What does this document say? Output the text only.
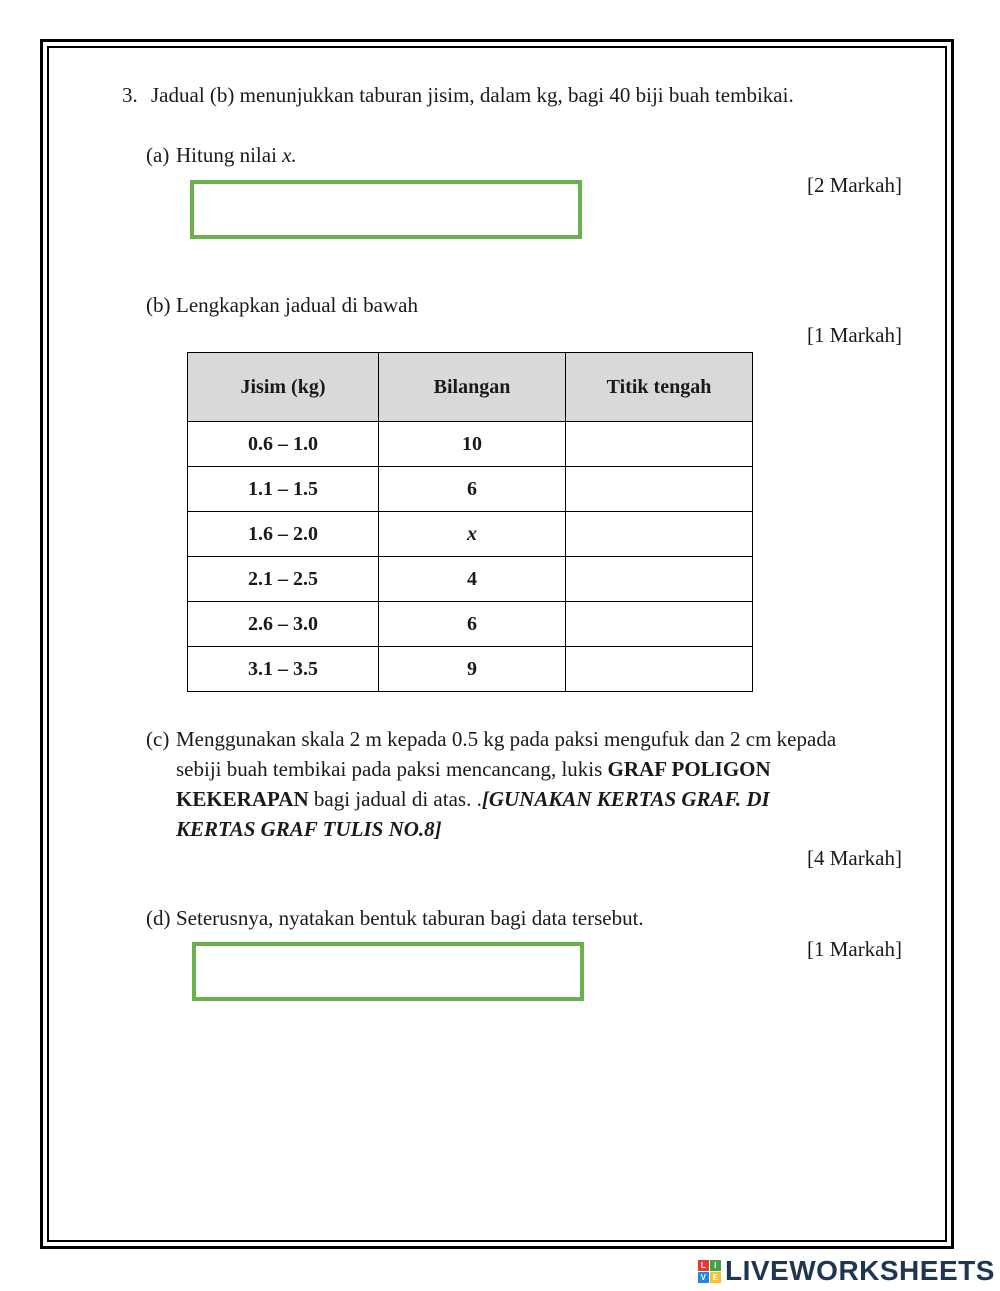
3. Jadual (b) menunjukkan taburan jisim, dalam kg, bagi 40 biji buah tembikai.
(a) Hitung nilai x.
[2 Markah]
(b) Lengkapkan jadual di bawah
[1 Markah]
Jisim (kg)	Bilangan	Titik tengah
0.6 – 1.0	10	
1.1 – 1.5	6	
1.6 – 2.0	x	
2.1 – 2.5	4	
2.6 – 3.0	6	
3.1 – 3.5	9	
(c) Menggunakan skala 2 m kepada 0.5 kg pada paksi mengufuk dan 2 cm kepada
sebiji buah tembikai pada paksi mencancang, lukis GRAF POLIGON
KEKERAPAN bagi jadual di atas. .[GUNAKAN KERTAS GRAF. DI
KERTAS GRAF TULIS NO.8]
[4 Markah]
(d) Seterusnya, nyatakan bentuk taburan bagi data tersebut.
[1 Markah]
L I
V E LIVEWORKSHEETS
